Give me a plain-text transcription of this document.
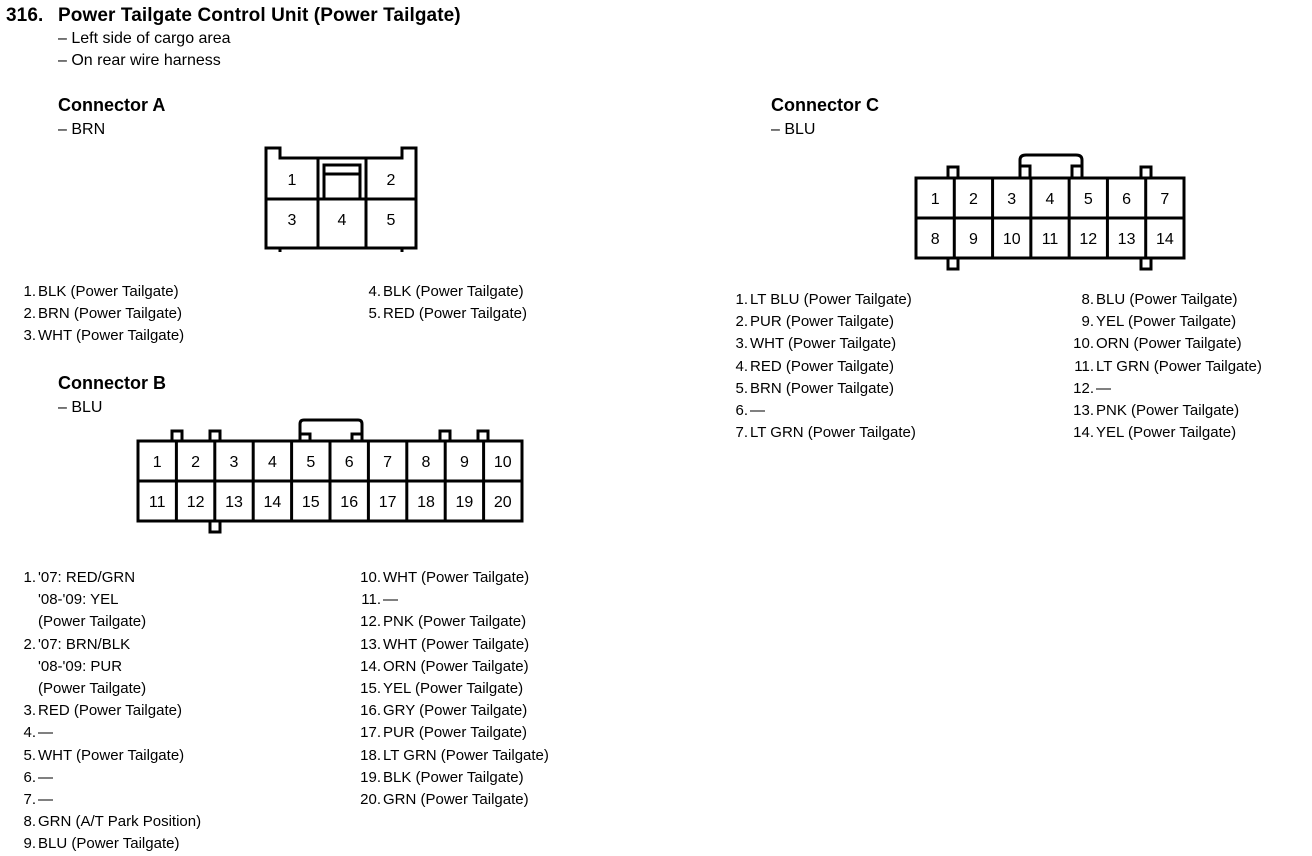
316. Power Tailgate Control Unit (Power Tailgate)
– Left side of cargo area
– On rear wire harness
Connector A
– BRN
1	2
3	4	5
1. BLK (Power Tailgate)
2. BRN (Power Tailgate)
3. WHT (Power Tailgate)
4. BLK (Power Tailgate)
5. RED (Power Tailgate)
Connector B
– BLU
1 2 3 4 5 6 7 8 9 10
11 12 13 14 15 16 17 18 19 20
1. '07: RED/GRN
'08-'09: YEL
(Power Tailgate)
2. '07: BRN/BLK
'08-'09: PUR
(Power Tailgate)
3. RED (Power Tailgate)
4. —
5. WHT (Power Tailgate)
6. —
7. —
8. GRN (A/T Park Position)
9. BLU (Power Tailgate)
10. WHT (Power Tailgate)
11. —
12. PNK (Power Tailgate)
13. WHT (Power Tailgate)
14. ORN (Power Tailgate)
15. YEL (Power Tailgate)
16. GRY (Power Tailgate)
17. PUR (Power Tailgate)
18. LT GRN (Power Tailgate)
19. BLK (Power Tailgate)
20. GRN (Power Tailgate)
Connector C
– BLU
1 2 3 4 5 6 7
8 9 10 11 12 13 14
1. LT BLU (Power Tailgate)
2. PUR (Power Tailgate)
3. WHT (Power Tailgate)
4. RED (Power Tailgate)
5. BRN (Power Tailgate)
6. —
7. LT GRN (Power Tailgate)
8. BLU (Power Tailgate)
9. YEL (Power Tailgate)
10. ORN (Power Tailgate)
11. LT GRN (Power Tailgate)
12. —
13. PNK (Power Tailgate)
14. YEL (Power Tailgate)
